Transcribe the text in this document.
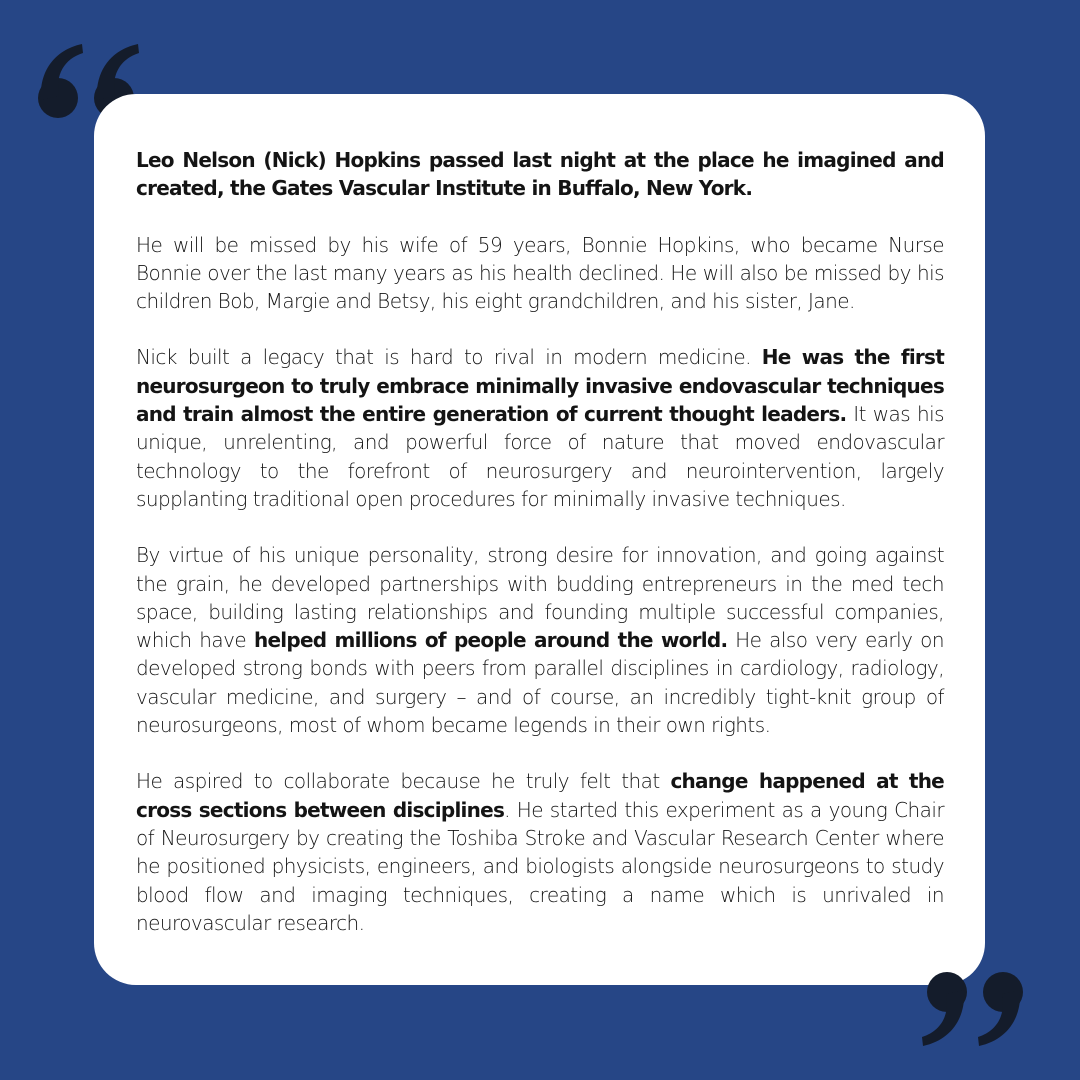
Leo Nelson (Nick) Hopkins passed last night at the place he imagined and created, the Gates Vascular Institute in Buffalo, New York.

He will be missed by his wife of 59 years, Bonnie Hopkins, who became Nurse Bonnie over the last many years as his health declined. He will also be missed by his children Bob, Margie and Betsy, his eight grandchildren, and his sister, Jane.

Nick built a legacy that is hard to rival in modern medicine. He was the first neurosurgeon to truly embrace minimally invasive endovascular techniques and train almost the entire generation of current thought leaders. It was his unique, unrelenting, and powerful force of nature that moved endovascular technology to the forefront of neurosurgery and neurointervention, largely supplanting traditional open procedures for minimally invasive techniques.

By virtue of his unique personality, strong desire for innovation, and going against the grain, he developed partnerships with budding entrepreneurs in the med tech space, building lasting relationships and founding multiple successful companies, which have helped millions of people around the world. He also very early on developed strong bonds with peers from parallel disciplines in cardiology, radiology, vascular medicine, and surgery – and of course, an incredibly tight-knit group of neurosurgeons, most of whom became legends in their own rights.

He aspired to collaborate because he truly felt that change happened at the cross sections between disciplines. He started this experiment as a young Chair of Neurosurgery by creating the Toshiba Stroke and Vascular Research Center where he positioned physicists, engineers, and biologists alongside neurosurgeons to study blood flow and imaging techniques, creating a name which is unrivaled in neurovascular research.
